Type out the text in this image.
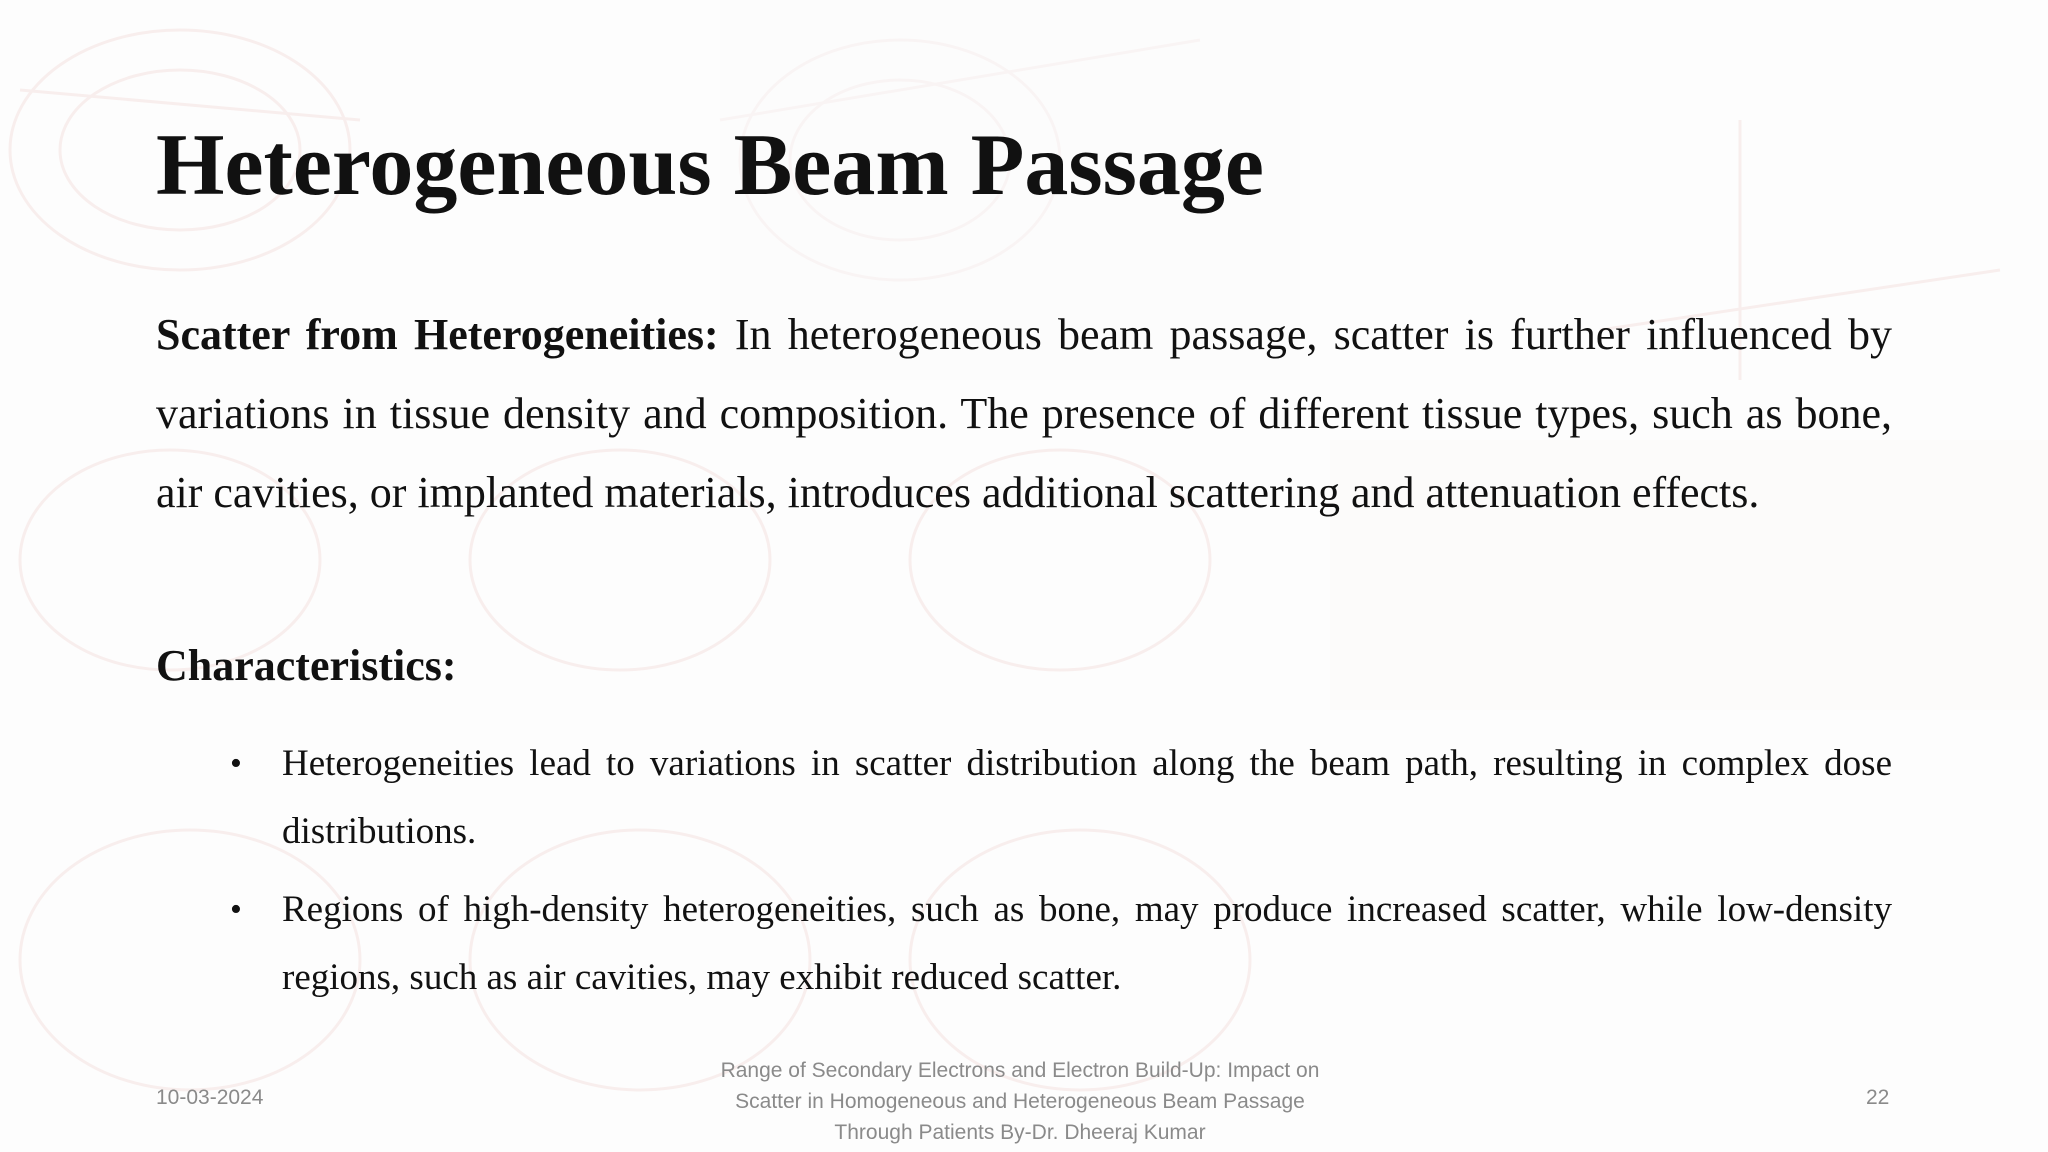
Heterogeneous Beam Passage

Scatter from Heterogeneities: In heterogeneous beam passage, scatter is further influenced by variations in tissue density and composition. The presence of different tissue types, such as bone, air cavities, or implanted materials, introduces additional scattering and attenuation effects.

Characteristics:
• Heterogeneities lead to variations in scatter distribution along the beam path, resulting in complex dose distributions.
• Regions of high-density heterogeneities, such as bone, may produce increased scatter, while low-density regions, such as air cavities, may exhibit reduced scatter.
10-03-2024
Range of Secondary Electrons and Electron Build-Up: Impact on
Scatter in Homogeneous and Heterogeneous Beam Passage
Through Patients By-Dr. Dheeraj Kumar
22
